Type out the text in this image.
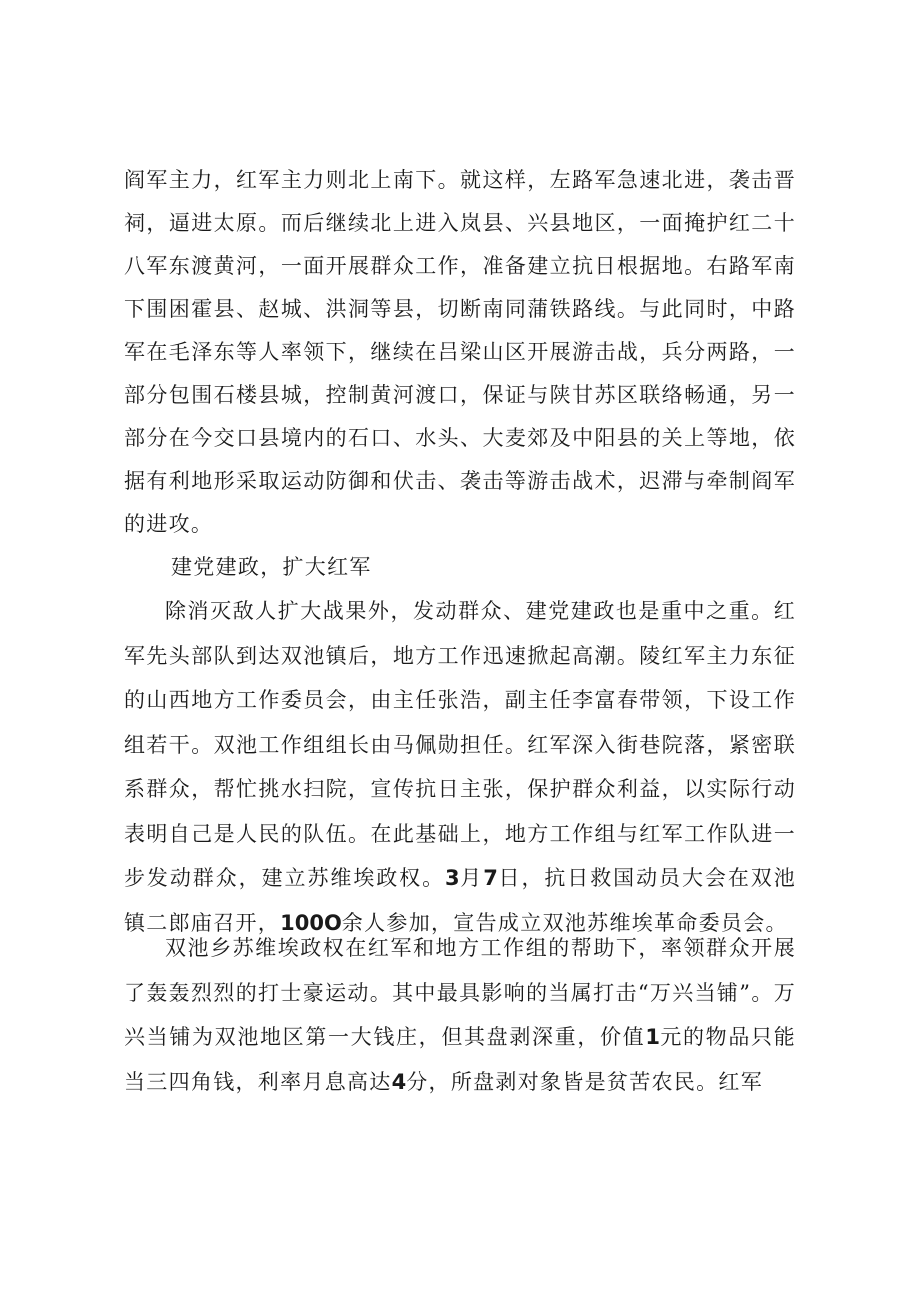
阎军主力，红军主力则北上南下。就这样，左路军急速北进，袭击晋祠，逼进太原。而后继续北上进入岚县、兴县地区，一面掩护红二十八军东渡黄河，一面开展群众工作，准备建立抗日根据地。右路军南下围困霍县、赵城、洪洞等县，切断南同蒲铁路线。与此同时，中路军在毛泽东等人率领下，继续在吕梁山区开展游击战，兵分两路，一部分包围石楼县城，控制黄河渡口，保证与陕甘苏区联络畅通，另一部分在今交口县境内的石口、水头、大麦郊及中阳县的关上等地，依据有利地形采取运动防御和伏击、袭击等游击战术，迟滞与牵制阎军的进攻。

建党建政，扩大红军

除消灭敌人扩大战果外，发动群众、建党建政也是重中之重。红军先头部队到达双池镇后，地方工作迅速掀起高潮。陵红军主力东征的山西地方工作委员会，由主任张浩，副主任李富春带领，下设工作组若干。双池工作组组长由马佩勋担任。红军深入街巷院落，紧密联系群众，帮忙挑水扫院，宣传抗日主张，保护群众利益，以实际行动表明自己是人民的队伍。在此基础上，地方工作组与红军工作队进一步发动群众，建立苏维埃政权。3月7日，抗日救国动员大会在双池镇二郎庙召开，100O余人参加，宣告成立双池苏维埃革命委员会。

双池乡苏维埃政权在红军和地方工作组的帮助下，率领群众开展了轰轰烈烈的打士豪运动。其中最具影响的当属打击“万兴当铺”。万兴当铺为双池地区第一大钱庄，但其盘剥深重，价值1元的物品只能当三四角钱，利率月息高达4分，所盘剥对象皆是贫苦农民。红军
